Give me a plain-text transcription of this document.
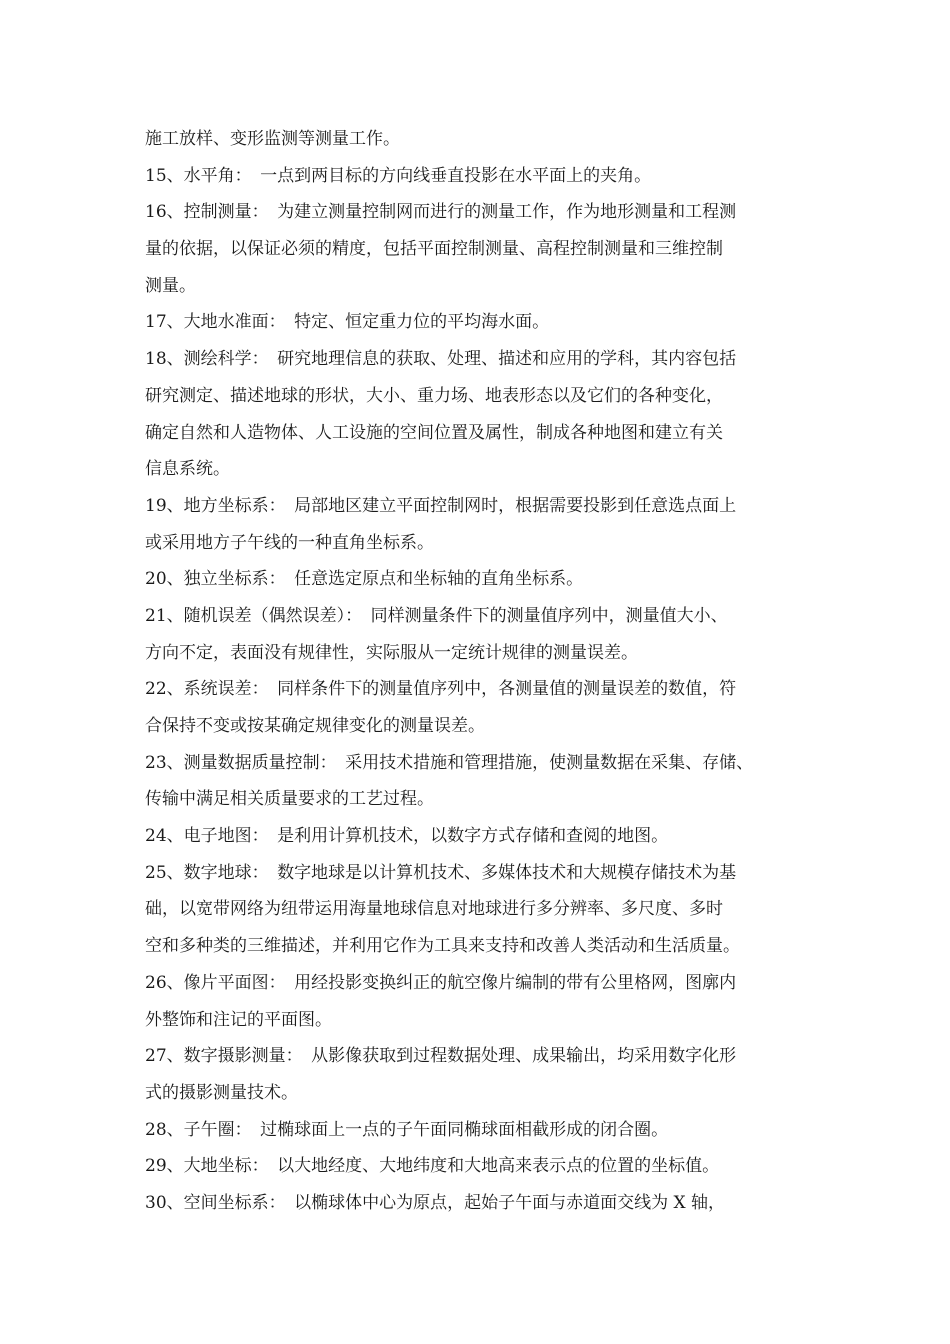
施工放样、变形监测等测量工作。
15、水平角：　一点到两目标的方向线垂直投影在水平面上的夹角。
16、控制测量：　为建立测量控制网而进行的测量工作，作为地形测量和工程测
量的依据，以保证必须的精度，包括平面控制测量、高程控制测量和三维控制
测量。
17、大地水准面：　特定、恒定重力位的平均海水面。
18、测绘科学：　研究地理信息的获取、处理、描述和应用的学科，其内容包括
研究测定、描述地球的形状，大小、重力场、地表形态以及它们的各种变化，
确定自然和人造物体、人工设施的空间位置及属性，制成各种地图和建立有关
信息系统。
19、地方坐标系：　局部地区建立平面控制网时，根据需要投影到任意选点面上
或采用地方子午线的一种直角坐标系。
20、独立坐标系：　任意选定原点和坐标轴的直角坐标系。
21、随机误差（偶然误差）：　同样测量条件下的测量值序列中，测量值大小、
方向不定，表面没有规律性，实际服从一定统计规律的测量误差。
22、系统误差：　同样条件下的测量值序列中，各测量值的测量误差的数值，符
合保持不变或按某确定规律变化的测量误差。
23、测量数据质量控制：　采用技术措施和管理措施，使测量数据在采集、存储、
传输中满足相关质量要求的工艺过程。
24、电子地图：　是利用计算机技术，以数字方式存储和查阅的地图。
25、数字地球：　数字地球是以计算机技术、多媒体技术和大规模存储技术为基
础，以宽带网络为纽带运用海量地球信息对地球进行多分辨率、多尺度、多时
空和多种类的三维描述，并利用它作为工具来支持和改善人类活动和生活质量。
26、像片平面图：　用经投影变换纠正的航空像片编制的带有公里格网，图廓内
外整饰和注记的平面图。
27、数字摄影测量：　从影像获取到过程数据处理、成果输出，均采用数字化形
式的摄影测量技术。
28、子午圈：　过椭球面上一点的子午面同椭球面相截形成的闭合圈。
29、大地坐标：　以大地经度、大地纬度和大地高来表示点的位置的坐标值。
30、空间坐标系：　以椭球体中心为原点，起始子午面与赤道面交线为 X 轴，
